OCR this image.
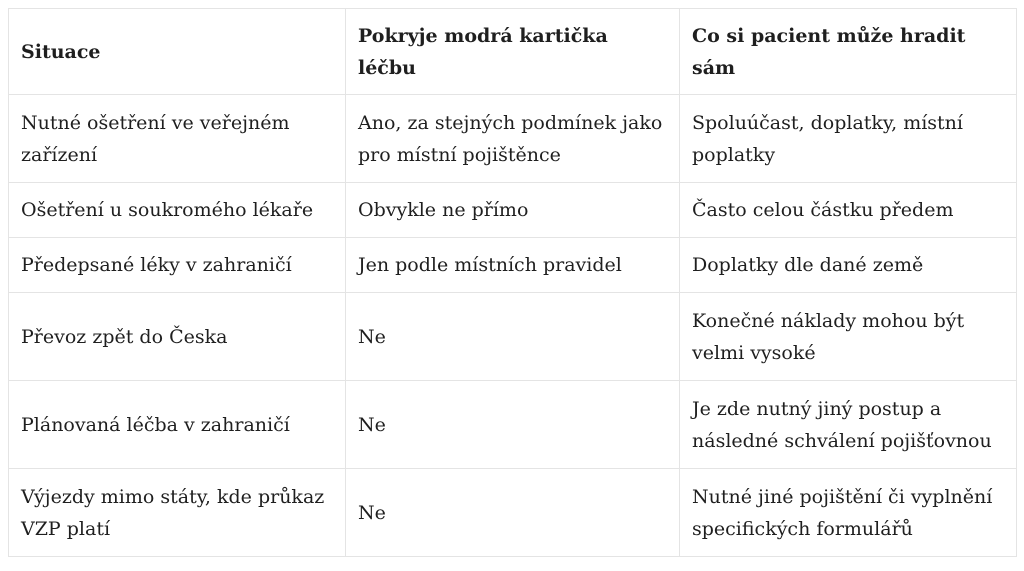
Situace	Pokryje modrá kartička léčbu	Co si pacient může hradit sám
Nutné ošetření ve veřejném zařízení	Ano, za stejných podmínek jako pro místní pojištěnce	Spoluúčast, doplatky, místní poplatky
Ošetření u soukromého lékaře	Obvykle ne přímo	Často celou částku předem
Předepsané léky v zahraničí	Jen podle místních pravidel	Doplatky dle dané země
Převoz zpět do Česka	Ne	Konečné náklady mohou být velmi vysoké
Plánovaná léčba v zahraničí	Ne	Je zde nutný jiný postup a následné schválení pojišťovnou
Výjezdy mimo státy, kde průkaz VZP platí	Ne	Nutné jiné pojištění či vyplnění specifických formulářů
